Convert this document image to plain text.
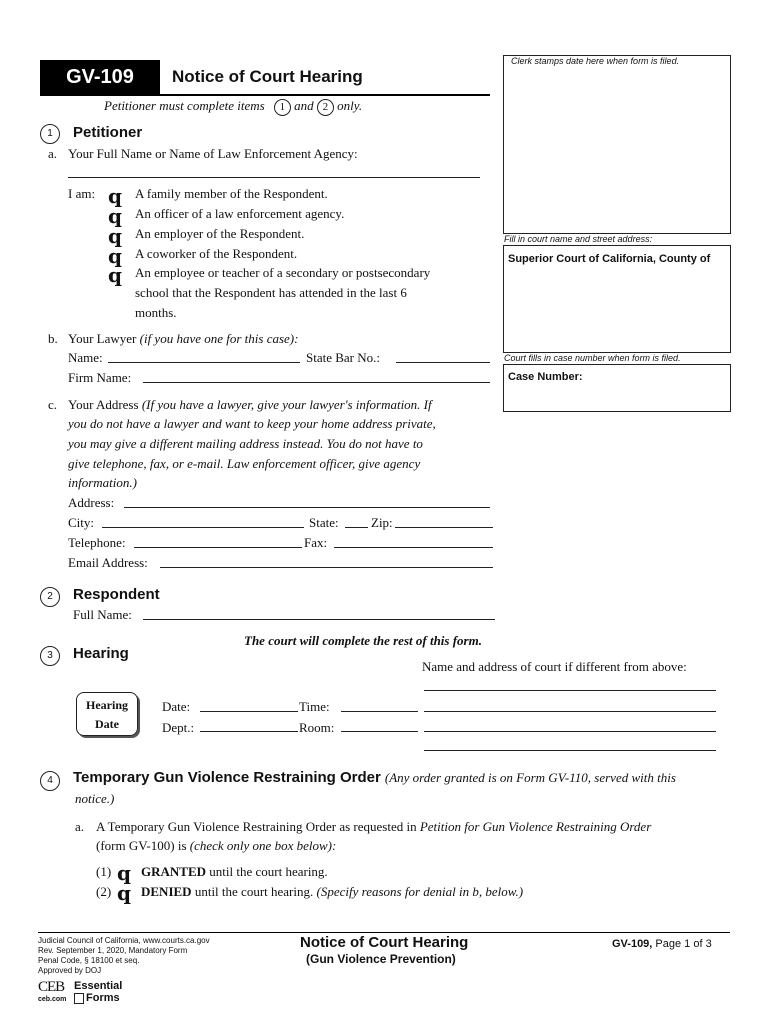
GV-109	Notice of Court Hearing
Petitioner must complete items 1 and 2 only.
Clerk stamps date here when form is filed.
Fill in court name and street address:
Superior Court of California, County of
Court fills in case number when form is filed.
Case Number:
1	Petitioner
a. Your Full Name or Name of Law Enforcement Agency:
I am: q A family member of the Respondent.
q An officer of a law enforcement agency.
q An employer of the Respondent.
q A coworker of the Respondent.
q An employee or teacher of a secondary or postsecondary
school that the Respondent has attended in the last 6
months.
b. Your Lawyer (if you have one for this case):
Name:	State Bar No.:
Firm Name:
c. Your Address (If you have a lawyer, give your lawyer's information. If
you do not have a lawyer and want to keep your home address private,
you may give a different mailing address instead. You do not have to
give telephone, fax, or e-mail. Law enforcement officer, give agency
information.)
Address:
City:	State: Zip:
Telephone:	Fax:
Email Address:
2	Respondent
Full Name:
The court will complete the rest of this form.
3	Hearing
Name and address of court if different from above:
Hearing
Date
Date:	Time:
Dept.:	Room:
4	Temporary Gun Violence Restraining Order (Any order granted is on Form GV-110, served with this
notice.)
a. A Temporary Gun Violence Restraining Order as requested in Petition for Gun Violence Restraining Order
(form GV-100) is (check only one box below):
(1) q GRANTED until the court hearing.
(2) q DENIED until the court hearing. (Specify reasons for denial in b, below.)
Judicial Council of California, www.courts.ca.gov
Rev. September 1, 2020, Mandatory Form
Penal Code, § 18100 et seq.
Approved by DOJ
Notice of Court Hearing
(Gun Violence Prevention)
GV-109, Page 1 of 3
CEB
ceb.com
Essential
Forms
